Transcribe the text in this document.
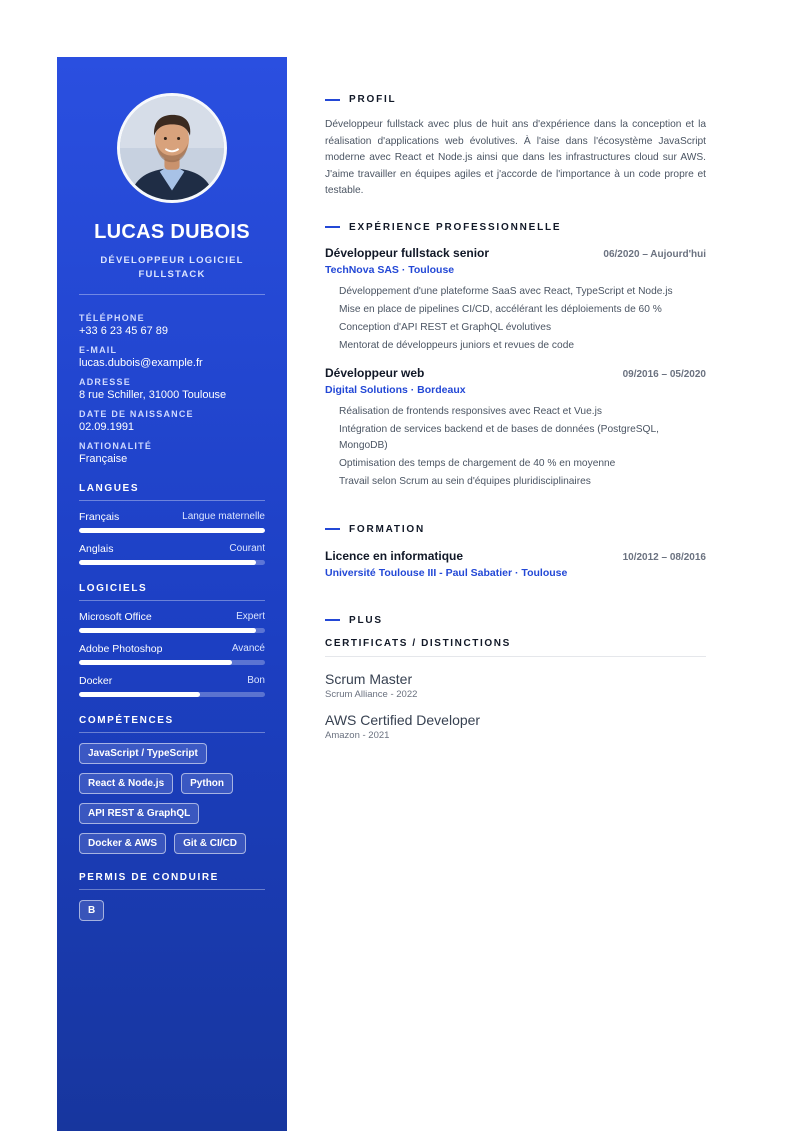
LUCAS DUBOIS
DÉVELOPPEUR LOGICIEL FULLSTACK
TÉLÉPHONE
+33 6 23 45 67 89
E-MAIL
lucas.dubois@example.fr
ADRESSE
8 rue Schiller, 31000 Toulouse
DATE DE NAISSANCE
02.09.1991
NATIONALITÉ
Française
LANGUES
Français	Langue maternelle
Anglais	Courant
LOGICIELS
Microsoft Office	Expert
Adobe Photoshop	Avancé
Docker	Bon
COMPÉTENCES
JavaScript / TypeScript
React & Node.js	Python
API REST & GraphQL
Docker & AWS	Git & CI/CD
PERMIS DE CONDUIRE
B
PROFIL
Développeur fullstack avec plus de huit ans d'expérience dans la conception et la réalisation d'applications web évolutives. À l'aise dans l'écosystème JavaScript moderne avec React et Node.js ainsi que dans les infrastructures cloud sur AWS. J'aime travailler en équipes agiles et j'accorde de l'importance à un code propre et testable.
EXPÉRIENCE PROFESSIONNELLE
Développeur fullstack senior	06/2020 – Aujourd'hui
TechNova SAS · Toulouse
Développement d'une plateforme SaaS avec React, TypeScript et Node.js
Mise en place de pipelines CI/CD, accélérant les déploiements de 60 %
Conception d'API REST et GraphQL évolutives
Mentorat de développeurs juniors et revues de code
Développeur web	09/2016 – 05/2020
Digital Solutions · Bordeaux
Réalisation de frontends responsives avec React et Vue.js
Intégration de services backend et de bases de données (PostgreSQL, MongoDB)
Optimisation des temps de chargement de 40 % en moyenne
Travail selon Scrum au sein d'équipes pluridisciplinaires
FORMATION
Licence en informatique	10/2012 – 08/2016
Université Toulouse III - Paul Sabatier · Toulouse
PLUS
CERTIFICATS / DISTINCTIONS
Scrum Master
Scrum Alliance - 2022
AWS Certified Developer
Amazon - 2021
